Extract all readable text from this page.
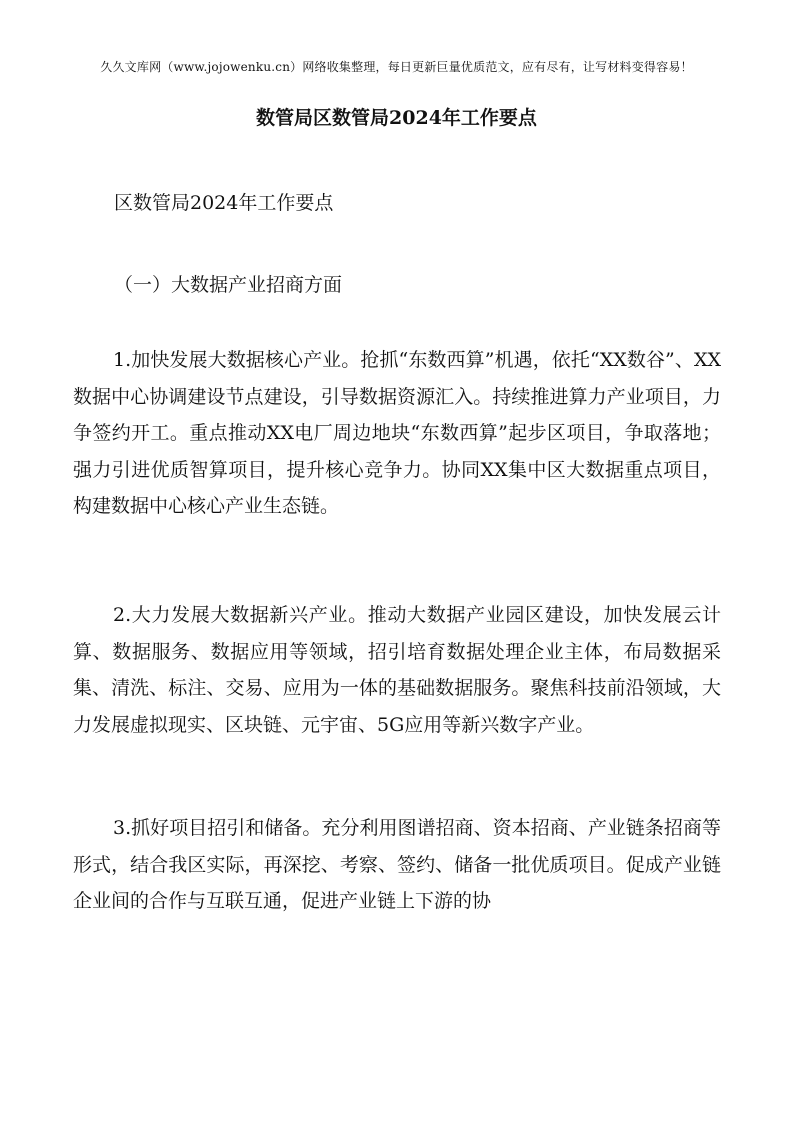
久久文库网（www.jojowenku.cn）网络收集整理，每日更新巨量优质范文，应有尽有，让写材料变得容易！
数管局区数管局2024年工作要点
区数管局2024年工作要点
（一）大数据产业招商方面

1.加快发展大数据核心产业。抢抓“东数西算”机遇，依托“XX数谷”、XX数据中心协调建设节点建设，引导数据资源汇入。持续推进算力产业项目，力争签约开工。重点推动XX电厂周边地块“东数西算”起步区项目，争取落地；强力引进优质智算项目，提升核心竞争力。协同XX集中区大数据重点项目，构建数据中心核心产业生态链。

2.大力发展大数据新兴产业。推动大数据产业园区建设，加快发展云计算、数据服务、数据应用等领域，招引培育数据处理企业主体，布局数据采集、清洗、标注、交易、应用为一体的基础数据服务。聚焦科技前沿领域，大力发展虚拟现实、区块链、元宇宙、5G应用等新兴数字产业。

3.抓好项目招引和储备。充分利用图谱招商、资本招商、产业链条招商等形式，结合我区实际，再深挖、考察、签约、储备一批优质项目。促成产业链企业间的合作与互联互通，促进产业链上下游的协
